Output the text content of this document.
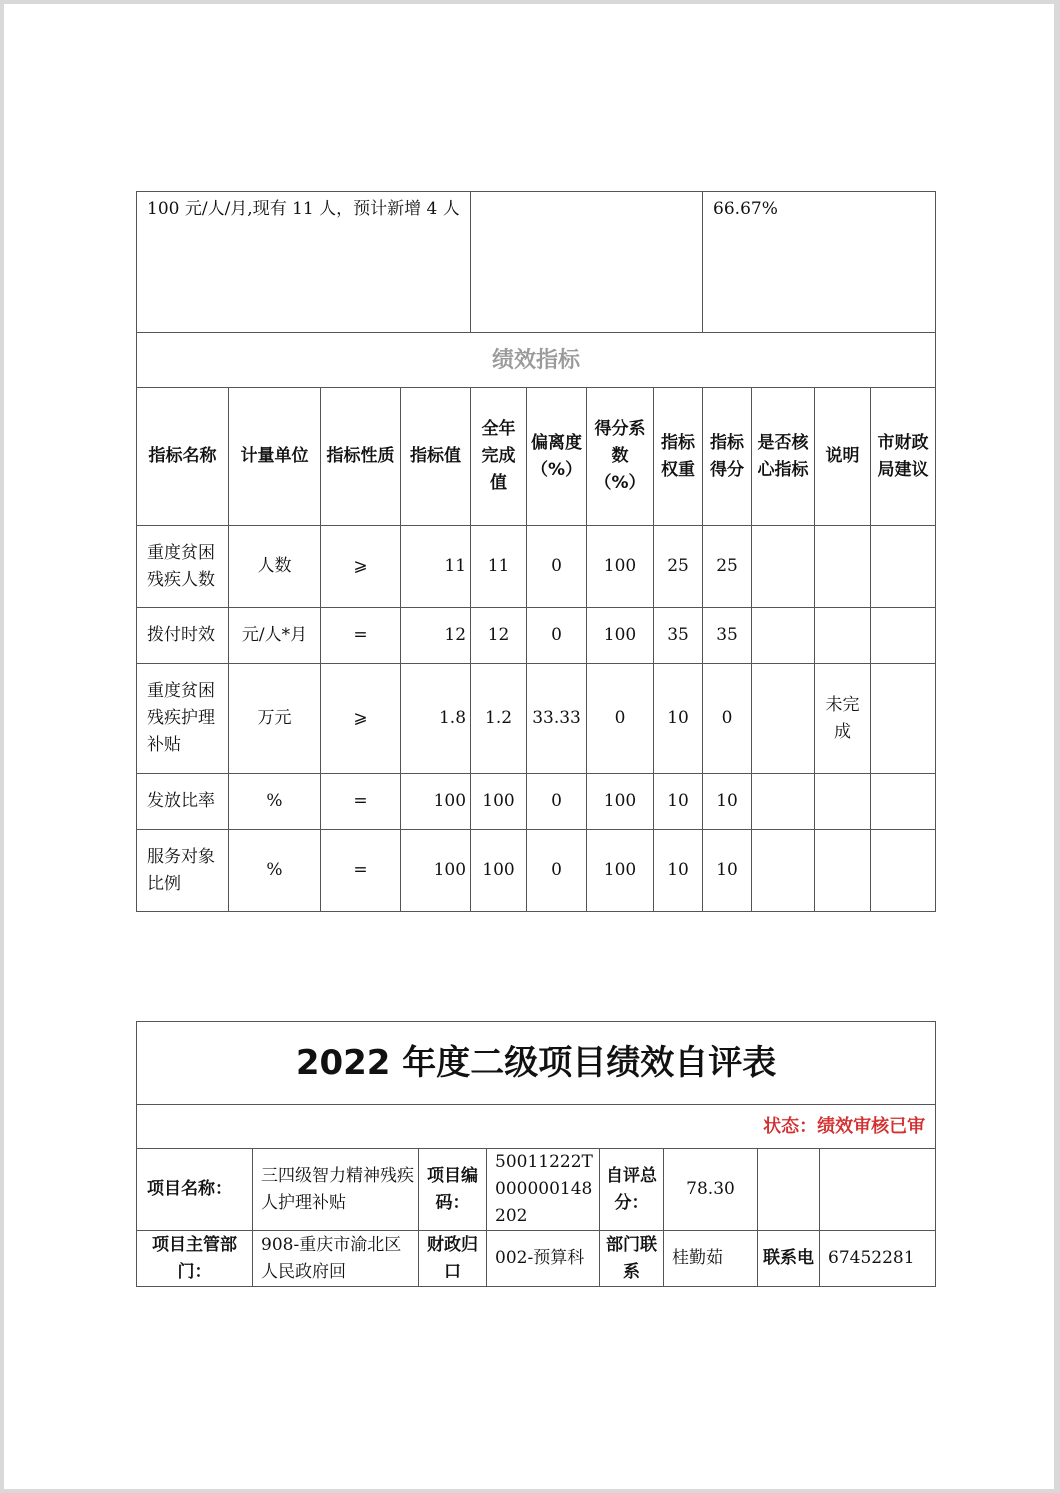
100 元/人/月,现有 11 人，预计新增 4 人								66.67%			
绩效指标											
指标名称	计量单位	指标性质	指标值	全年完成值	偏离度（%）	得分系数（%）	指标权重	指标得分	是否核心指标	说明	市财政局建议
重度贫困残疾人数	人数	⩾	11	11	0	100	25	25			
拨付时效	元/人*月	=	12	12	0	100	35	35			
重度贫困残疾护理补贴	万元	⩾	1.8	1.2	33.33	0	10	0		未完成	
发放比率	%	=	100	100	0	100	10	10			
服务对象比例	%	=	100	100	0	100	10	10			
2022 年度二级项目绩效自评表							
状态：绩效审核已审							
项目名称：	三四级智力精神残疾人护理补贴	项目编码：	50011222T000000148202	自评总分：	78.30		
项目主管部门：	908-重庆市渝北区人民政府回	财政归口	002-预算科	部门联系	桂勤茹	联系电	67452281
